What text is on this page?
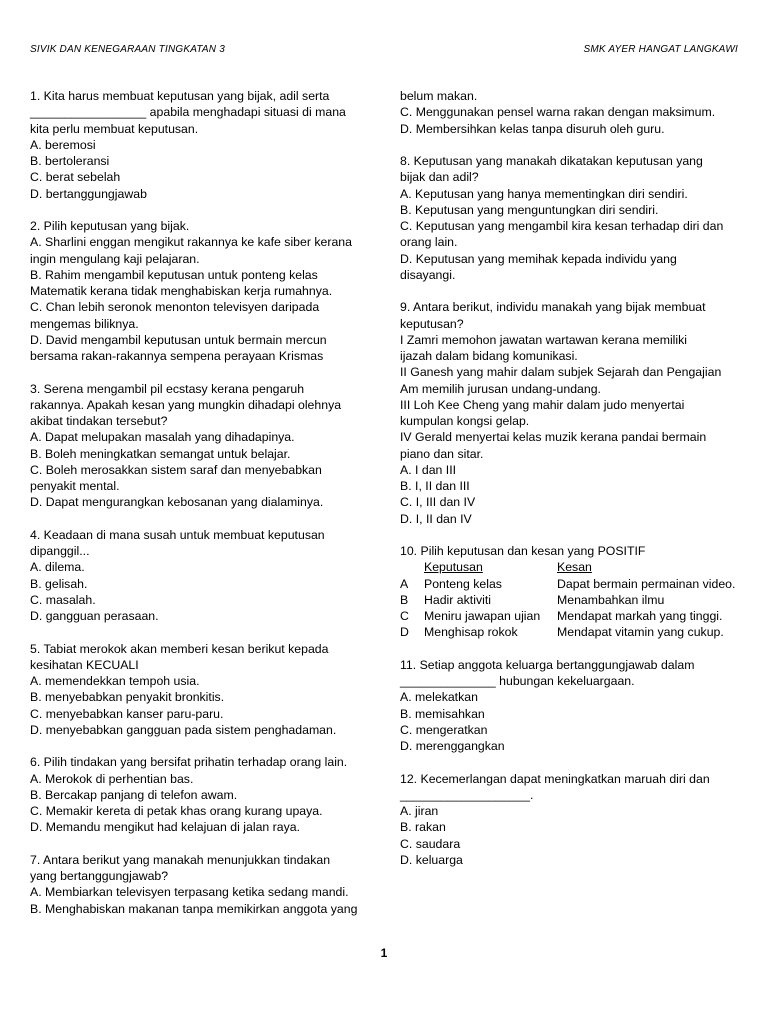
SIVIK DAN KENEGARAAN TINGKATAN 3	SMK AYER HANGAT LANGKAWI
1. Kita harus membuat keputusan yang bijak, adil serta
_________________ apabila menghadapi situasi di mana
kita perlu membuat keputusan.
A. beremosi
B. bertoleransi
C. berat sebelah
D. bertanggungjawab
2. Pilih keputusan yang bijak.
A. Sharlini enggan mengikut rakannya ke kafe siber kerana
ingin mengulang kaji pelajaran.
B. Rahim mengambil keputusan untuk ponteng kelas
Matematik kerana tidak menghabiskan kerja rumahnya.
C. Chan lebih seronok menonton televisyen daripada
mengemas biliknya.
D. David mengambil keputusan untuk bermain mercun
bersama rakan-rakannya sempena perayaan Krismas
3. Serena mengambil pil ecstasy kerana pengaruh
rakannya. Apakah kesan yang mungkin dihadapi olehnya
akibat tindakan tersebut?
A. Dapat melupakan masalah yang dihadapinya.
B. Boleh meningkatkan semangat untuk belajar.
C. Boleh merosakkan sistem saraf dan menyebabkan
penyakit mental.
D. Dapat mengurangkan kebosanan yang dialaminya.
4. Keadaan di mana susah untuk membuat keputusan
dipanggil...
A. dilema.
B. gelisah.
C. masalah.
D. gangguan perasaan.
5. Tabiat merokok akan memberi kesan berikut kepada
kesihatan KECUALI
A. memendekkan tempoh usia.
B. menyebabkan penyakit bronkitis.
C. menyebabkan kanser paru-paru.
D. menyebabkan gangguan pada sistem penghadaman.
6. Pilih tindakan yang bersifat prihatin terhadap orang lain.
A. Merokok di perhentian bas.
B. Bercakap panjang di telefon awam.
C. Memakir kereta di petak khas orang kurang upaya.
D. Memandu mengikut had kelajuan di jalan raya.
7. Antara berikut yang manakah menunjukkan tindakan
yang bertanggungjawab?
A. Membiarkan televisyen terpasang ketika sedang mandi.
B. Menghabiskan makanan tanpa memikirkan anggota yang
belum makan.
C. Menggunakan pensel warna rakan dengan maksimum.
D. Membersihkan kelas tanpa disuruh oleh guru.
8. Keputusan yang manakah dikatakan keputusan yang
bijak dan adil?
A. Keputusan yang hanya mementingkan diri sendiri.
B. Keputusan yang menguntungkan diri sendiri.
C. Keputusan yang mengambil kira kesan terhadap diri dan
orang lain.
D. Keputusan yang memihak kepada individu yang
disayangi.
9. Antara berikut, individu manakah yang bijak membuat
keputusan?
I Zamri memohon jawatan wartawan kerana memiliki
ijazah dalam bidang komunikasi.
II Ganesh yang mahir dalam subjek Sejarah dan Pengajian
Am memilih jurusan undang-undang.
III Loh Kee Cheng yang mahir dalam judo menyertai
kumpulan kongsi gelap.
IV Gerald menyertai kelas muzik kerana pandai bermain
piano dan sitar.
A. I dan III
B. I, II dan III
C. I, III dan IV
D. I, II dan IV
10. Pilih keputusan dan kesan yang POSITIF
Keputusan	Kesan
A	Ponteng kelas	Dapat bermain permainan video.
B	Hadir aktiviti	Menambahkan ilmu
C	Meniru jawapan ujian	Mendapat markah yang tinggi.
D	Menghisap rokok	Mendapat vitamin yang cukup.
11. Setiap anggota keluarga bertanggungjawab dalam
______________ hubungan kekeluargaan.
A. melekatkan
B. memisahkan
C. mengeratkan
D. merenggangkan
12. Kecemerlangan dapat meningkatkan maruah diri dan
___________________.
A. jiran
B. rakan
C. saudara
D. keluarga
1
